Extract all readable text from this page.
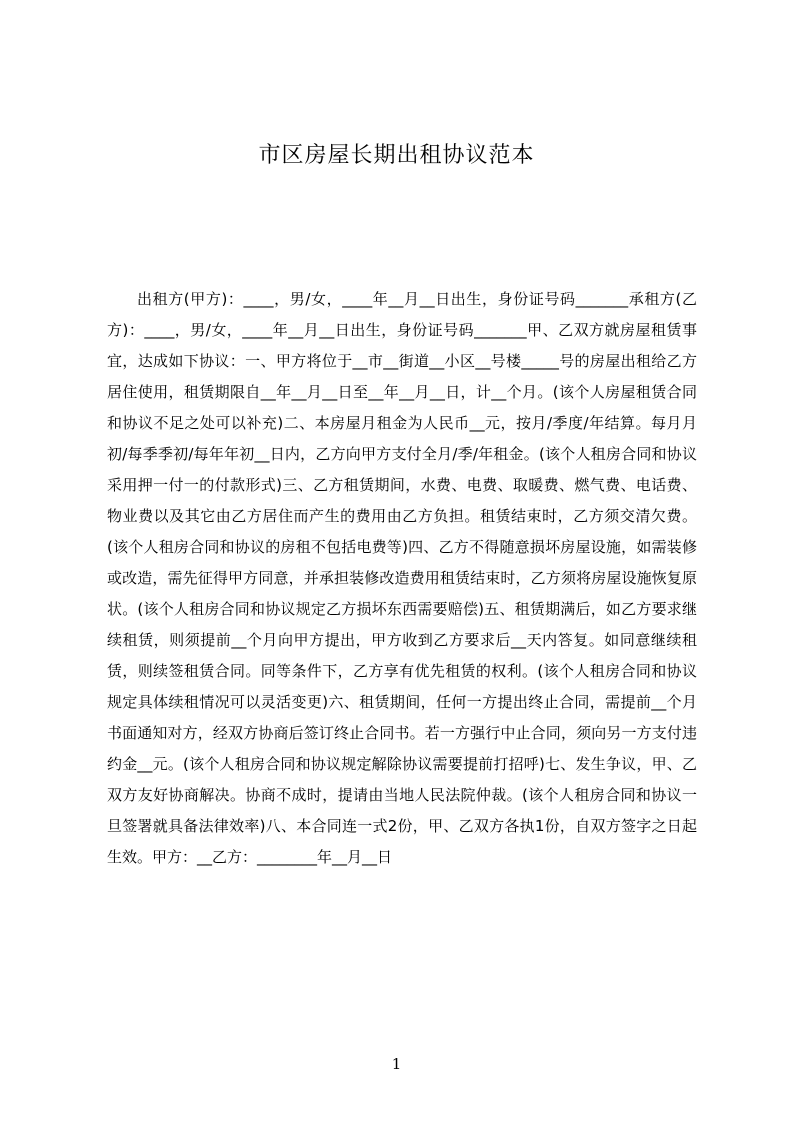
市区房屋长期出租协议范本

出租方(甲方)：____，男/女，____年__月__日出生，身份证号码_______承租方(乙方)：____，男/女，____年__月__日出生，身份证号码_______甲、乙双方就房屋租赁事宜，达成如下协议：一、甲方将位于__市__街道__小区__号楼_____号的房屋出租给乙方居住使用，租赁期限自__年__月__日至__年__月__日，计__个月。(该个人房屋租赁合同和协议不足之处可以补充)二、本房屋月租金为人民币__元，按月/季度/年结算。每月月初/每季季初/每年年初__日内，乙方向甲方支付全月/季/年租金。(该个人租房合同和协议采用押一付一的付款形式)三、乙方租赁期间，水费、电费、取暖费、燃气费、电话费、物业费以及其它由乙方居住而产生的费用由乙方负担。租赁结束时，乙方须交清欠费。(该个人租房合同和协议的房租不包括电费等)四、乙方不得随意损坏房屋设施，如需装修或改造，需先征得甲方同意，并承担装修改造费用租赁结束时，乙方须将房屋设施恢复原状。(该个人租房合同和协议规定乙方损坏东西需要赔偿)五、租赁期满后，如乙方要求继续租赁，则须提前__个月向甲方提出，甲方收到乙方要求后__天内答复。如同意继续租赁，则续签租赁合同。同等条件下，乙方享有优先租赁的权利。(该个人租房合同和协议规定具体续租情况可以灵活变更)六、租赁期间，任何一方提出终止合同，需提前__个月书面通知对方，经双方协商后签订终止合同书。若一方强行中止合同，须向另一方支付违约金__元。(该个人租房合同和协议规定解除协议需要提前打招呼)七、发生争议，甲、乙双方友好协商解决。协商不成时，提请由当地人民法院仲裁。(该个人租房合同和协议一旦签署就具备法律效率)八、本合同连一式2份，甲、乙双方各执1份，自双方签字之日起生效。甲方：__乙方：________年__月__日

1
